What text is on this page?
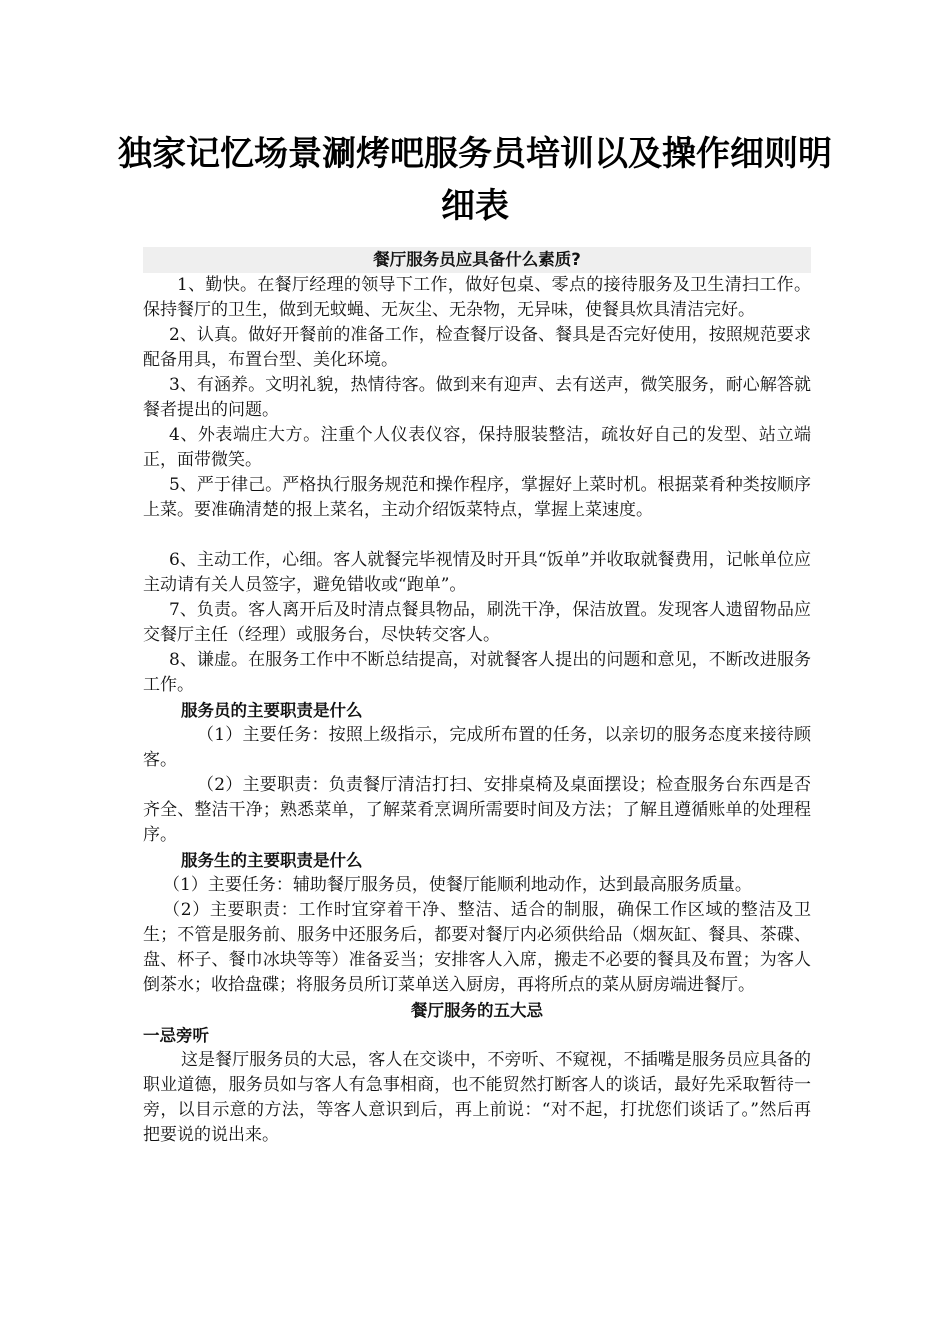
独家记忆场景涮烤吧服务员培训以及操作细则明细表
餐厅服务员应具备什么素质?

1、勤快。在餐厅经理的领导下工作，做好包桌、零点的接待服务及卫生清扫工作。保持餐厅的卫生，做到无蚊蝇、无灰尘、无杂物，无异味，使餐具炊具清洁完好。

2、认真。做好开餐前的准备工作，检查餐厅设备、餐具是否完好使用，按照规范要求配备用具，布置台型、美化环境。

3、有涵养。文明礼貌，热情待客。做到来有迎声、去有送声，微笑服务，耐心解答就餐者提出的问题。

4、外表端庄大方。注重个人仪表仪容，保持服装整洁，疏妆好自己的发型、站立端正，面带微笑。

5、严于律己。严格执行服务规范和操作程序，掌握好上菜时机。根据菜肴种类按顺序上菜。要准确清楚的报上菜名，主动介绍饭菜特点，掌握上菜速度。

6、主动工作，心细。客人就餐完毕视情及时开具“饭单”并收取就餐费用，记帐单位应主动请有关人员签字，避免错收或“跑单”。

7、负责。客人离开后及时清点餐具物品，刷洗干净，保洁放置。发现客人遗留物品应交餐厅主任（经理）或服务台，尽快转交客人。

8、谦虚。在服务工作中不断总结提高，对就餐客人提出的问题和意见，不断改进服务工作。

服务员的主要职责是什么

（1）主要任务：按照上级指示，完成所布置的任务，以亲切的服务态度来接待顾客。

（2）主要职责：负责餐厅清洁打扫、安排桌椅及桌面摆设；检查服务台东西是否齐全、整洁干净；熟悉菜单，了解菜肴烹调所需要时间及方法；了解且遵循账单的处理程序。

服务生的主要职责是什么

（1）主要任务：辅助餐厅服务员，使餐厅能顺利地动作，达到最高服务质量。

（2）主要职责：工作时宜穿着干净、整洁、适合的制服，确保工作区域的整洁及卫生；不管是服务前、服务中还服务后，都要对餐厅内必须供给品（烟灰缸、餐具、茶碟、盘、杯子、餐巾冰块等等）准备妥当；安排客人入席，搬走不必要的餐具及布置；为客人倒茶水；收拾盘碟；将服务员所订菜单送入厨房，再将所点的菜从厨房端进餐厅。

餐厅服务的五大忌
一忌旁听

这是餐厅服务员的大忌，客人在交谈中，不旁听、不窥视，不插嘴是服务员应具备的职业道德，服务员如与客人有急事相商，也不能贸然打断客人的谈话，最好先采取暂待一旁，以目示意的方法，等客人意识到后，再上前说：“对不起，打扰您们谈话了。”然后再把要说的说出来。
